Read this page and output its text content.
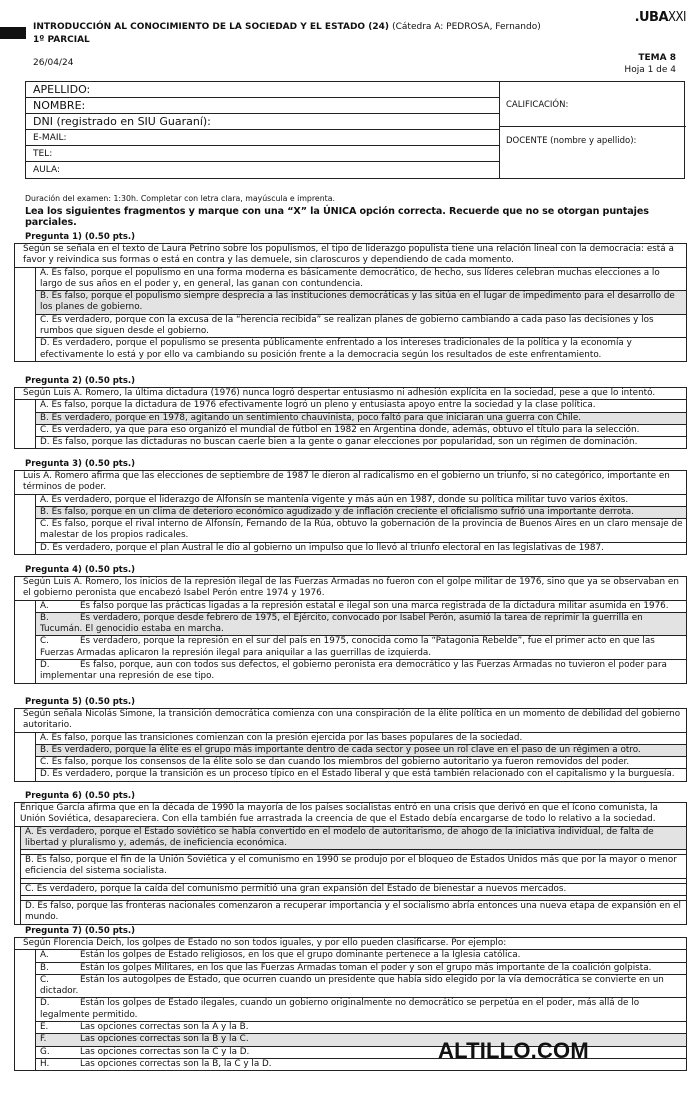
INTRODUCCIÓN AL CONOCIMIENTO DE LA SOCIEDAD Y EL ESTADO (24) (Cátedra A: PEDROSA, Fernando)
1º PARCIAL
.UBAXXI
26/04/24	TEMA 8
Hoja 1 de 4
APELLIDO:
NOMBRE:
DNI (registrado en SIU Guaraní):
E-MAIL:
TEL:
AULA:
CALIFICACIÓN:
DOCENTE (nombre y apellido):
Duración del examen: 1:30h. Completar con letra clara, mayúscula e imprenta.
Lea los siguientes fragmentos y marque con una “X” la ÚNICA opción correcta. Recuerde que no se otorgan puntajes parciales.
Pregunta 1) (0.50 pts.)
Según se señala en el texto de Laura Petrino sobre los populismos, el tipo de liderazgo populista tiene una relación lineal con la democracia: está a favor y reivindica sus formas o está en contra y las demuele, sin claroscuros y dependiendo de cada momento.
A. Es falso, porque el populismo en una forma moderna es básicamente democrático, de hecho, sus líderes celebran muchas elecciones a lo largo de sus años en el poder y, en general, las ganan con contundencia.
B. Es falso, porque el populismo siempre desprecia a las instituciones democráticas y las sitúa en el lugar de impedimento para el desarrollo de los planes de gobierno.
C. Es verdadero, porque con la excusa de la “herencia recibida” se realizan planes de gobierno cambiando a cada paso las decisiones y los rumbos que siguen desde el gobierno.
D. Es verdadero, porque el populismo se presenta públicamente enfrentado a los intereses tradicionales de la política y la economía y efectivamente lo está y por ello va cambiando su posición frente a la democracia según los resultados de este enfrentamiento.
Pregunta 2) (0.50 pts.)
Según Luis A. Romero, la última dictadura (1976) nunca logró despertar entusiasmo ni adhesión explícita en la sociedad, pese a que lo intentó.
A. Es falso, porque la dictadura de 1976 efectivamente logró un pleno y entusiasta apoyo entre la sociedad y la clase política.
B. Es verdadero, porque en 1978, agitando un sentimiento chauvinista, poco faltó para que iniciaran una guerra con Chile.
C. Es verdadero, ya que para eso organizó el mundial de fútbol en 1982 en Argentina donde, además, obtuvo el título para la selección.
D. Es falso, porque las dictaduras no buscan caerle bien a la gente o ganar elecciones por popularidad, son un régimen de dominación.
Pregunta 3) (0.50 pts.)
Luis A. Romero afirma que las elecciones de septiembre de 1987 le dieron al radicalismo en el gobierno un triunfo, si no categórico, importante en términos de poder.
A. Es verdadero, porque el liderazgo de Alfonsín se mantenía vigente y más aún en 1987, donde su política militar tuvo varios éxitos.
B. Es falso, porque en un clima de deterioro económico agudizado y de inflación creciente el oficialismo sufrió una importante derrota.
C. Es falso, porque el rival interno de Alfonsín, Fernando de la Rúa, obtuvo la gobernación de la provincia de Buenos Aires en un claro mensaje de malestar de los propios radicales.
D. Es verdadero, porque el plan Austral le dio al gobierno un impulso que lo llevó al triunfo electoral en las legislativas de 1987.
Pregunta 4) (0.50 pts.)
Según Luis A. Romero, los inicios de la represión ilegal de las Fuerzas Armadas no fueron con el golpe militar de 1976, sino que ya se observaban en el gobierno peronista que encabezó Isabel Perón entre 1974 y 1976.
A.	Es falso porque las prácticas ligadas a la represión estatal e ilegal son una marca registrada de la dictadura militar asumida en 1976.
B.	Es verdadero, porque desde febrero de 1975, el Ejército, convocado por Isabel Perón, asumió la tarea de reprimir la guerrilla en Tucumán. El genocidio estaba en marcha.
C.	Es verdadero, porque la represión en el sur del país en 1975, conocida como la “Patagonia Rebelde”, fue el primer acto en que las Fuerzas Armadas aplicaron la represión ilegal para aniquilar a las guerrillas de izquierda.
D.	Es falso, porque, aun con todos sus defectos, el gobierno peronista era democrático y las Fuerzas Armadas no tuvieron el poder para implementar una represión de ese tipo.
Pregunta 5) (0.50 pts.)
Según señala Nicolás Simone, la transición democrática comienza con una conspiración de la élite política en un momento de debilidad del gobierno autoritario.
A. Es falso, porque las transiciones comienzan con la presión ejercida por las bases populares de la sociedad.
B. Es verdadero, porque la élite es el grupo más importante dentro de cada sector y posee un rol clave en el paso de un régimen a otro.
C. Es falso, porque los consensos de la élite solo se dan cuando los miembros del gobierno autoritario ya fueron removidos del poder.
D. Es verdadero, porque la transición es un proceso típico en el Estado liberal y que está también relacionado con el capitalismo y la burguesía.
Pregunta 6) (0.50 pts.)
Enrique García afirma que en la década de 1990 la mayoría de los países socialistas entró en una crisis que derivó en que el ícono comunista, la Unión Soviética, desapareciera. Con ella también fue arrastrada la creencia de que el Estado debía encargarse de todo lo relativo a la sociedad.
A. Es verdadero, porque el Estado soviético se había convertido en el modelo de autoritarismo, de ahogo de la iniciativa individual, de falta de libertad y pluralismo y, además, de ineficiencia económica.
B. Es falso, porque el fin de la Unión Soviética y el comunismo en 1990 se produjo por el bloqueo de Estados Unidos más que por la mayor o menor eficiencia del sistema socialista.
C. Es verdadero, porque la caída del comunismo permitió una gran expansión del Estado de bienestar a nuevos mercados.
D. Es falso, porque las fronteras nacionales comenzaron a recuperar importancia y el socialismo abría entonces una nueva etapa de expansión en el mundo.
Pregunta 7) (0.50 pts.)
Según Florencia Deich, los golpes de Estado no son todos iguales, y por ello pueden clasificarse. Por ejemplo:
A.	Están los golpes de Estado religiosos, en los que el grupo dominante pertenece a la Iglesia católica.
B.	Están los golpes Militares, en los que las Fuerzas Armadas toman el poder y son el grupo más importante de la coalición golpista.
C.	Están los autogolpes de Estado, que ocurren cuando un presidente que había sido elegido por la vía democrática se convierte en un dictador.
D.	Están los golpes de Estado ilegales, cuando un gobierno originalmente no democrático se perpetúa en el poder, más allá de lo legalmente permitido.
E.	Las opciones correctas son la A y la B.
F.	Las opciones correctas son la B y la C.
G.	Las opciones correctas son la C y la D.
H.	Las opciones correctas son la B, la C y la D.
ALTILLO.COM
